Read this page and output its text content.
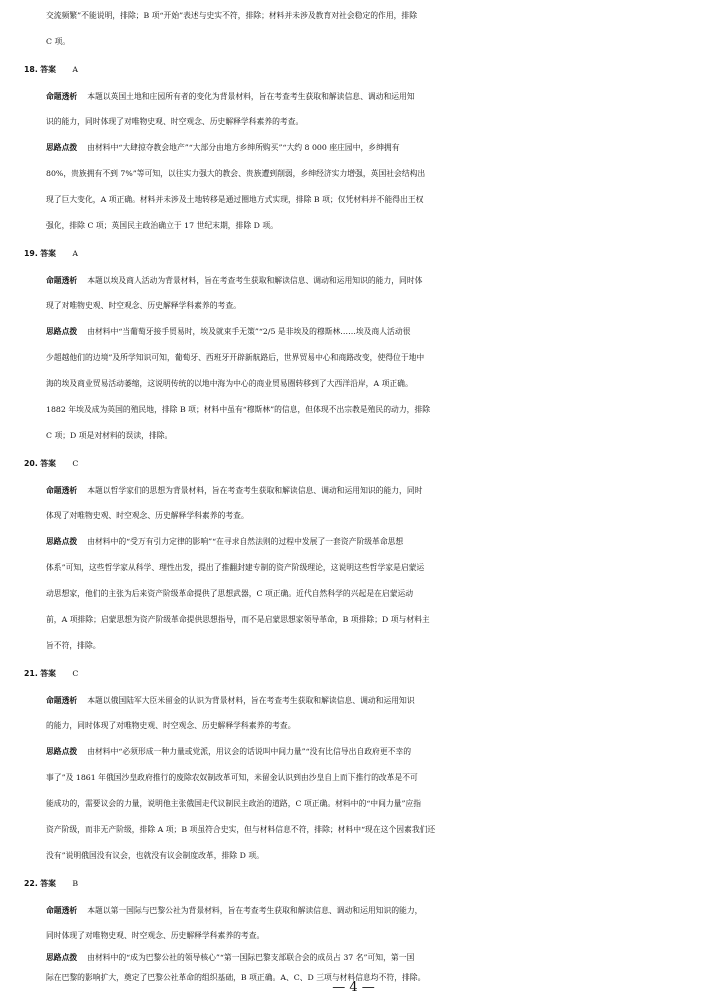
交流频繁”不能说明，排除；B 项“开始”表述与史实不符，排除；材料并未涉及教育对社会稳定的作用，排除
C 项。
18. 答案 A
命题透析 本题以英国土地和庄园所有者的变化为背景材料，旨在考查考生获取和解读信息、调动和运用知
识的能力，同时体现了对唯物史观、时空观念、历史解释学科素养的考查。
思路点拨 由材料中“大肆掠夺教会地产”“大部分由地方乡绅所购买”“大约 8 000 座庄园中，乡绅拥有
80%，贵族拥有不到 7%”等可知，以往实力强大的教会、贵族遭到削弱，乡绅经济实力增强，英国社会结构出
现了巨大变化，A 项正确。材料并未涉及土地转移是通过圈地方式实现，排除 B 项；仅凭材料并不能得出王权
强化，排除 C 项；英国民主政治确立于 17 世纪末期，排除 D 项。
19. 答案 A
命题透析 本题以埃及商人活动为背景材料，旨在考查考生获取和解读信息、调动和运用知识的能力，同时体
现了对唯物史观、时空观念、历史解释学科素养的考查。
思路点拨 由材料中“当葡萄牙接手贸易时，埃及就束手无策”“2/5 是非埃及的穆斯林……埃及商人活动很
少超越他们的边境”及所学知识可知，葡萄牙、西班牙开辟新航路后，世界贸易中心和商路改变，使得位于地中
海的埃及商业贸易活动萎缩，这说明传统的以地中海为中心的商业贸易圈转移到了大西洋沿岸，A 项正确。
1882 年埃及成为英国的殖民地，排除 B 项；材料中虽有“穆斯林”的信息，但体现不出宗教是殖民的动力，排除
C 项；D 项是对材料的误读，排除。
20. 答案 C
命题透析 本题以哲学家们的思想为背景材料，旨在考查考生获取和解读信息、调动和运用知识的能力，同时
体现了对唯物史观、时空观念、历史解释学科素养的考查。
思路点拨 由材料中的“受万有引力定律的影响”“在寻求自然法则的过程中发展了一套资产阶级革命思想
体系”可知，这些哲学家从科学、理性出发，提出了推翻封建专制的资产阶级理论，这说明这些哲学家是启蒙运
动思想家，他们的主张为后来资产阶级革命提供了思想武器，C 项正确。近代自然科学的兴起是在启蒙运动
前，A 项排除；启蒙思想为资产阶级革命提供思想指导，而不是启蒙思想家领导革命，B 项排除；D 项与材料主
旨不符，排除。
21. 答案 C
命题透析 本题以俄国陆军大臣米留金的认识为背景材料，旨在考查考生获取和解读信息、调动和运用知识
的能力，同时体现了对唯物史观、时空观念、历史解释学科素养的考查。
思路点拨 由材料中“必须形成一种力量或党派，用议会的话说叫中间力量”“没有比信导出自政府更不幸的
事了”及 1861 年俄国沙皇政府推行的废除农奴制改革可知，米留金认识到由沙皇自上而下推行的改革是不可
能成功的，需要议会的力量，说明他主张俄国走代议制民主政治的道路，C 项正确。材料中的“中间力量”应指
资产阶级，而非无产阶级，排除 A 项；B 项虽符合史实，但与材料信息不符，排除；材料中“现在这个因素我们还
没有”说明俄国没有议会，也就没有议会制度改革，排除 D 项。
22. 答案 B
命题透析 本题以第一国际与巴黎公社为背景材料，旨在考查考生获取和解读信息、调动和运用知识的能力，
同时体现了对唯物史观、时空观念、历史解释学科素养的考查。
思路点拨 由材料中的“成为巴黎公社的领导核心”“第一国际巴黎支部联合会的成员占 37 名”可知，第一国
际在巴黎的影响扩大，奠定了巴黎公社革命的组织基础，B 项正确。A、C、D 三项与材料信息均不符，排除。
— 4 —
